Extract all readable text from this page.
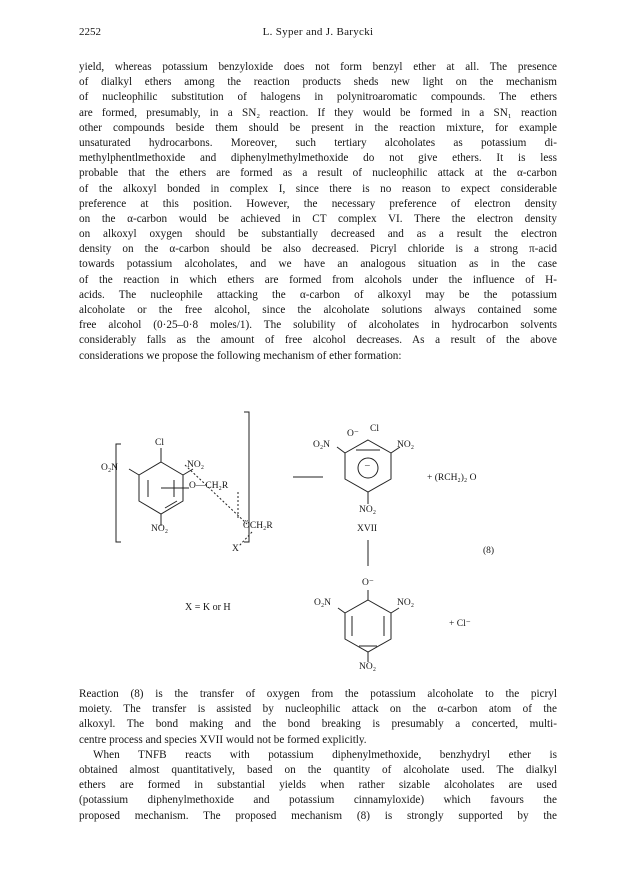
2252	L. Syper and J. Barycki
yield, whereas potassium benzyloxide does not form benzyl ether at all. The presence
of dialkyl ethers among the reaction products sheds new light on the mechanism
of nucleophilic substitution of halogens in polynitroaromatic compounds. The ethers
are formed, presumably, in a SN₂ reaction. If they would be formed in a SN₁ reaction
other compounds beside them should be present in the reaction mixture, for example
unsaturated hydrocarbons. Moreover, such tertiary alcoholates as potassium di-
methylphentlmethoxide and diphenylmethylmethoxide do not give ethers. It is less
probable that the ethers are formed as a result of nucleophilic attack at the α-carbon
of the alkoxyl bonded in complex I, since there is no reason to expect considerable
preference at this position. However, the necessary preference of electron density
on the α-carbon would be achieved in CT complex VI. There the electron density
on alkoxyl oxygen should be substantially decreased and as a result the electron
density on the α-carbon should be also decreased. Picryl chloride is a strong π-acid
towards potassium alcoholates, and we have an analogous situation as in the case
of the reaction in which ethers are formed from alcohols under the influence of H-
acids. The nucleophile attacking the α-carbon of alkoxyl may be the potassium
alcoholate or the free alcohol, since the alcoholate solutions always contained some
free alcohol (0·25–0·8 moles/1). The solubility of alcoholates in hydrocarbon solvents
considerably falls as the amount of free alcohol decreases. As a result of the above
considerations we propose the following mechanism of ether formation:
Cl
O₂N	NO₂
NO₂
O—CH₂R
ÖCH₂R
X
X = K or H
O⁻ Cl
O₂N	NO₂
NO₂
–
XVII
+ (RCH₂)₂ O
(8)
O⁻
O₂N	NO₂
NO₂
+ Cl⁻
Reaction (8) is the transfer of oxygen from the potassium alcoholate to the picryl
moiety. The transfer is assisted by nucleophilic attack on the α-carbon atom of the
alkoxyl. The bond making and the bond breaking is presumably a concerted, multi-
centre process and species XVII would not be formed explicitly.
When TNFB reacts with potassium diphenylmethoxide, benzhydryl ether is
obtained almost quantitatively, based on the quantity of alcoholate used. The dialkyl
ethers are formed in substantial yields when rather sizable alcoholates are used
(potassium diphenylmethoxide and potassium cinnamyloxide) which favours the
proposed mechanism. The proposed mechanism (8) is strongly supported by the
